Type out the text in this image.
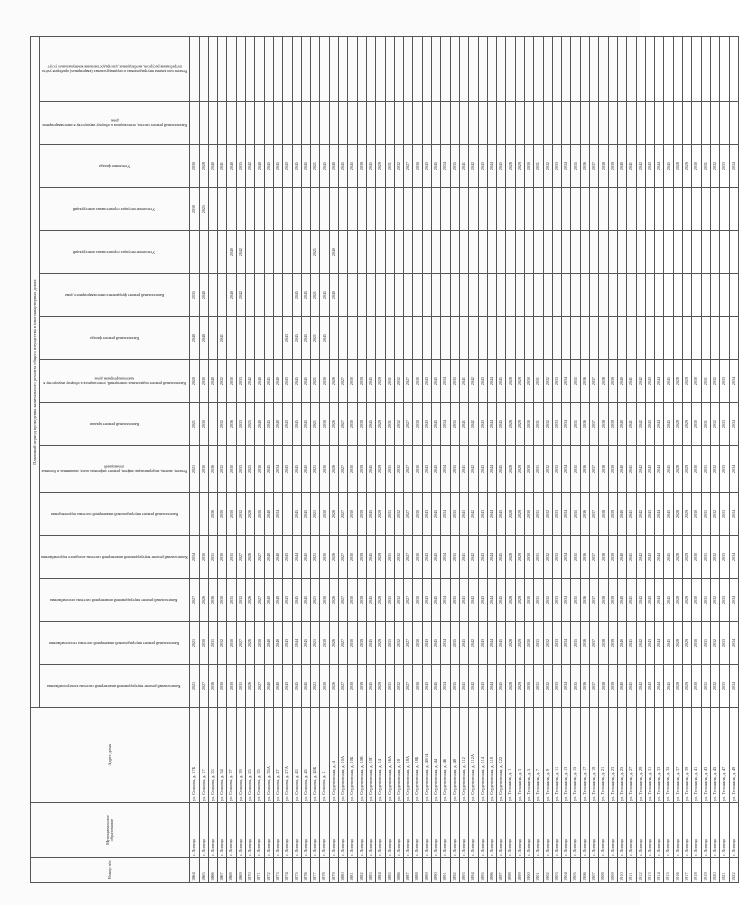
Номер п/п	Муниципальное образование	Адрес дома	Плановый период проведения капитального ремонта общего имущества в многоквартирных домах														
			Капитальный ремонт внутридомовой инженерной системы электроснабжения	Капитальный ремонт внутридомовой инженерной системы теплоснабжения	Капитальный ремонт внутридомовой инженерной системы газоснабжения	Капитальный ремонт внутридомовой инженерной системы холодного водоснабжения	Капитальный ремонт внутридомовой инженерной системы водоотведения	Ремонт, замена, модернизация лифтов, ремонт лифтовых шахт, машинных и блочных помещений	Капитальный ремонт крыши	Капитальный ремонт подвальных помещений, относящихся к общему имуществу в многоквартирном доме	Капитальный ремонт фасада	Капитальный ремонт фундамента многоквартирного дома	Утепление несущих строительных конструкций	Утепление несущих строительных конструкций	Утепление фасада	Капитальный ремонт систем, относящихся к общему имуществу в многоквартирном доме	Ремонт или замена внутридомовых и индивидуальных (квартирных) приборов учёта потребления ресурсов, необходимых для предоставления коммунальных услуг
1864	г. Липецк	ул. Стахова, д. 17Б	2021	2021	2027	2034		2021	2021	2020	2040	2035		2030	2030		
1865	г. Липецк	ул. Стахова, д. 17	2027	2030	2026	2030		2030	2030	2030	2040	2040		2025	2028		
1866	г. Липецк	ул. Стахова, д. 33	2036	2031	2036	2031	2036	2036		2040					2040		
1867	г. Липецк	ул. Стахова, д. 34	2030	2032	2030	2030	2030	2032	2032	2032	2041				2041		
1868	г. Липецк	ул. Стахова, д. 37	2030	2030	2035	2035	2030	2030	2036	2030		2040	2040		2040		
1869	г. Липецк	ул. Стахова, д. 39	2031	2027	2032	2027	2032	2033	2033	2033		2042	2042		2035		
1870	г. Липецк	ул. Стахова, д. 25	2026	2026	2026	2026	2026	2025	2025	2042					2042		
1871	г. Липецк	ул. Стахова, д. 35	2027	2030	2027	2027	2030	2030	2040	2040					2040		
1872	г. Липецк	ул. Стахова, д. 35А	2040	2040	2040	2040	2040	2045	2045	2045					2045		
1873	г. Липецк	ул. Стахова, д. 27	2040	2040	2040	2040	2034	2034	2040	2040					2045		
1874	г. Липецк	ул. Стахова, д. 27А	2043	2043	2043	2043		2043	2043	2043	2043				2043		
1875	г. Липецк	ул. Стахова, д. 43	2045	2044	2045	2044	2045	2045	2045	2045	2045	2045			2045		
1876	г. Липецк	ул. Стахова, д. 45	2045	2045	2045	2045	2045	2045	2045	2045	2045	2045			2045		
1877	г. Липецк	ул. Стахова, д. 45Б	2021	2021	2021	2021	2021	2021	2021	2021	2021	2021	2021		2021		
1878	г. Липецк	ул. Стахова, д. 1	2030	2030	2030	2030	2030	2030	2030	2030	2045	2045			2045		
1879	г. Липецк	ул. Студеновская, д. 4	2026	2026	2026	2026	2026	2026	2026	2026		2040	2040		2040		
1880	г. Липецк	ул. Студеновская, д. 10А	2027	2027	2027	2027	2027	2027	2027	2027					2045		
1881	г. Липецк	ул. Студеновская, д. 10Б	2030	2030	2030	2030	2030	2030	2030	2030					2045		
1882	г. Липецк	ул. Студеновская, д. 10В	2039	2039	2039	2039	2039	2039	2039	2039					2039		
1883	г. Липецк	ул. Студеновская, д. 10Г	2045	2045	2045	2045	2045	2045	2045	2045					2045		
1884	г. Липецк	ул. Студеновская, д. 14	2029	2029	2029	2029	2029	2029	2029	2029					2029		
1885	г. Липецк	ул. Студеновская, д. 16А	2031	2031	2031	2031	2031	2031	2031	2031					2031		
1886	г. Липецк	ул. Студеновская, д. 18	2032	2032	2032	2032	2032	2032	2032	2032					2032		
1887	г. Липецк	ул. Студеновская, д. 18А	2027	2027	2027	2027	2027	2027	2027	2027					2027		
1888	г. Липецк	ул. Студеновская, д. 18Б	2030	2030	2030	2030	2030	2030	2030	2030					2030		
1889	г. Липецк	ул. Студеновская, д. 40/14	2043	2043	2043	2043	2043	2043	2043	2043					2043		
1890	г. Липецк	ул. Студеновская, д. 44	2045	2045	2045	2045	2045	2045	2045	2045					2045		
1891	г. Липецк	ул. Студеновская, д. 46	2034	2034	2034	2034	2034	2034	2034	2034					2034		
1892	г. Липецк	ул. Студеновская, д. 48	2035	2035	2035	2035	2035	2035	2035	2035					2035		
1893	г. Липецк	ул. Студеновская, д. 112	2041	2041	2041	2041	2041	2041	2041	2041					2041		
1894	г. Липецк	ул. Студеновская, д. 112А	2042	2042	2042	2042	2042	2042	2042	2042					2042		
1895	г. Липецк	ул. Студеновская, д. 114	2043	2043	2043	2043	2043	2043	2043	2043					2043		
1896	г. Липецк	ул. Студеновская, д. 118	2044	2044	2044	2044	2044	2044	2044	2044					2044		
1897	г. Липецк	ул. Студеновская, д. 122	2045	2045	2045	2045	2045	2045	2045	2045					2045		
1898	г. Липецк	ул. Тельмана, д. 1	2028	2028	2028	2028	2028	2028	2028	2028					2028		
1899	г. Липецк	ул. Тельмана, д. 3	2029	2029	2029	2029	2029	2029	2029	2029					2029		
1900	г. Липецк	ул. Тельмана, д. 5	2030	2030	2030	2030	2030	2030	2030	2030					2030		
1901	г. Липецк	ул. Тельмана, д. 7	2031	2031	2031	2031	2031	2031	2031	2031					2031		
1902	г. Липецк	ул. Тельмана, д. 9	2032	2032	2032	2032	2032	2032	2032	2032					2032		
1903	г. Липецк	ул. Тельмана, д. 11	2033	2033	2033	2033	2033	2033	2033	2033					2033		
1904	г. Липецк	ул. Тельмана, д. 13	2034	2034	2034	2034	2034	2034	2034	2034					2034		
1905	г. Липецк	ул. Тельмана, д. 15	2035	2035	2035	2035	2035	2035	2035	2035					2035		
1906	г. Липецк	ул. Тельмана, д. 17	2036	2036	2036	2036	2036	2036	2036	2036					2036		
1907	г. Липецк	ул. Тельмана, д. 19	2037	2037	2037	2037	2037	2037	2037	2037					2037		
1908	г. Липецк	ул. Тельмана, д. 21	2038	2038	2038	2038	2038	2038	2038	2038					2038		
1909	г. Липецк	ул. Тельмана, д. 23	2039	2039	2039	2039	2039	2039	2039	2039					2039		
1910	г. Липецк	ул. Тельмана, д. 25	2040	2040	2040	2040	2040	2040	2040	2040					2040		
1911	г. Липецк	ул. Тельмана, д. 27	2041	2041	2041	2041	2041	2041	2041	2041					2041		
1912	г. Липецк	ул. Тельмана, д. 29	2042	2042	2042	2042	2042	2042	2042	2042					2042		
1913	г. Липецк	ул. Тельмана, д. 31	2043	2043	2043	2043	2043	2043	2043	2043					2043		
1914	г. Липецк	ул. Тельмана, д. 33	2044	2044	2044	2044	2044	2044	2044	2044					2044		
1915	г. Липецк	ул. Тельмана, д. 35	2045	2045	2045	2045	2045	2045	2045	2045					2045		
1916	г. Липецк	ул. Тельмана, д. 37	2028	2028	2028	2028	2028	2028	2028	2028					2028		
1917	г. Липецк	ул. Тельмана, д. 39	2029	2029	2029	2029	2029	2029	2029	2029					2029		
1918	г. Липецк	ул. Тельмана, д. 41	2030	2030	2030	2030	2030	2030	2030	2030					2030		
1919	г. Липецк	ул. Тельмана, д. 43	2031	2031	2031	2031	2031	2031	2031	2031					2031		
1920	г. Липецк	ул. Тельмана, д. 45	2032	2032	2032	2032	2032	2032	2032	2032					2032		
1921	г. Липецк	ул. Тельмана, д. 47	2033	2033	2033	2033	2033	2033	2033	2033					2033		
1922	г. Липецк	ул. Тельмана, д. 49	2034	2034	2034	2034	2034	2034	2034	2034					2034		
